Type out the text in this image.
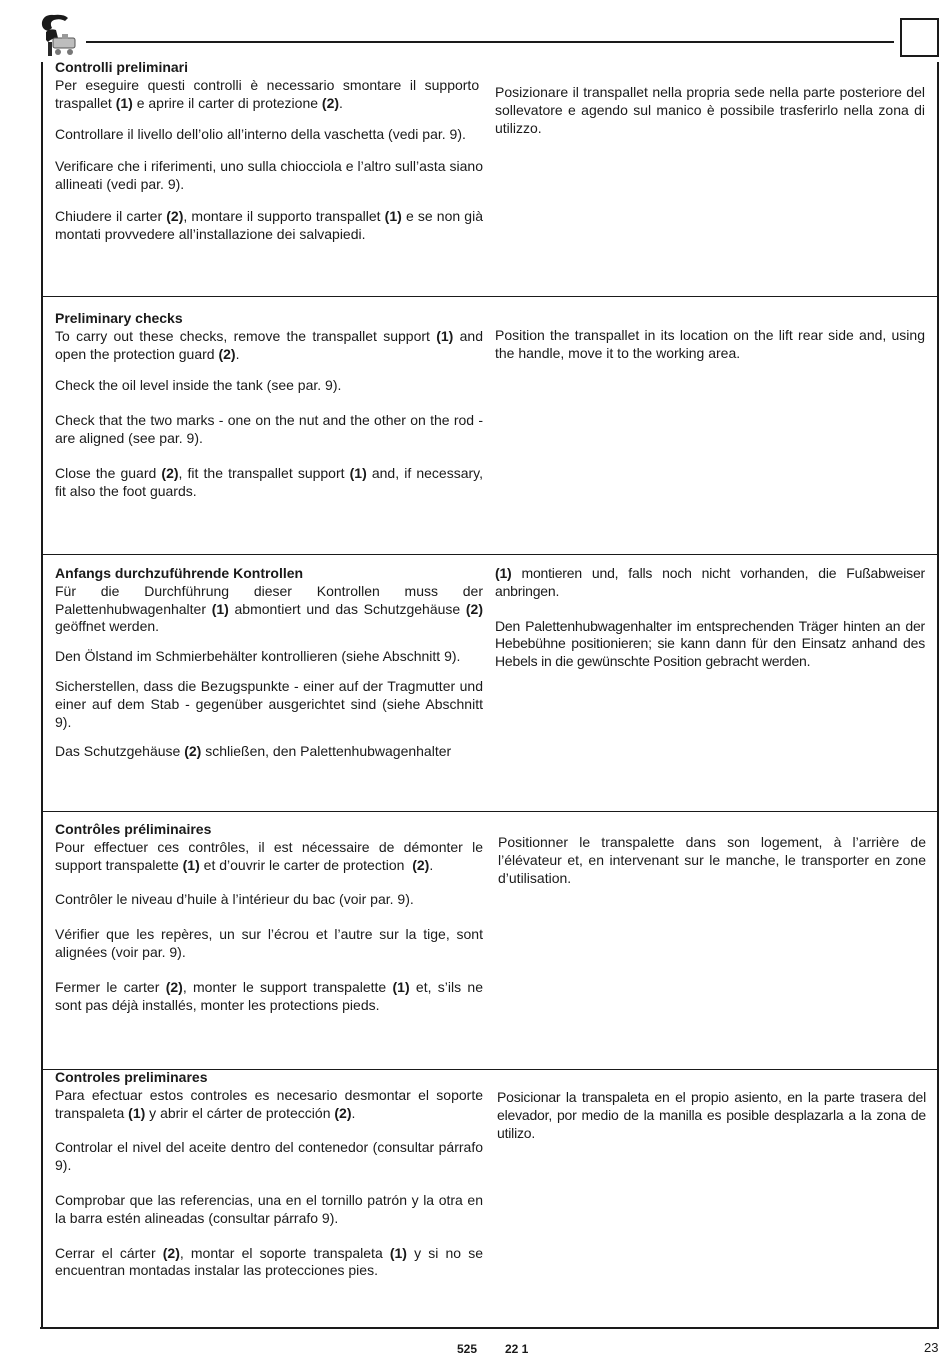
Controlli preliminari
Per eseguire questi controlli è necessario smontare il supporto  traspallet (1) e aprire il carter di protezione (2).
Controllare il livello dell’olio all’interno della vaschetta (vedi par. 9).
Verificare che i riferimenti, uno sulla chiocciola e l’altro sull’asta siano allineati (vedi par. 9).
Chiudere il carter (2), montare il supporto transpallet (1) e se non già montati provvedere all’installazione dei salvapiedi.
Posizionare il transpallet nella propria sede nella parte posteriore del sollevatore e agendo sul manico è possibile trasferirlo nella zona di utilizzo.
Preliminary checks
To carry out these checks, remove the transpallet support (1) and open the protection guard (2).
Check the oil level inside the tank (see par. 9).
Check that the two marks - one on the nut and the other on the rod - are aligned (see par. 9).
Close the guard (2), fit the transpallet support (1) and, if necessary, fit also the foot guards.
Position the transpallet in its location on the lift rear side and, using the handle, move it to the working area.
Anfangs durchzuführende Kontrollen
Für die Durchführung dieser Kontrollen muss der Palettenhubwagenhalter (1) abmontiert und das Schutzgehäuse (2) geöffnet werden.
Den Ölstand im Schmierbehälter kontrollieren (siehe Abschnitt 9).
Sicherstellen, dass die Bezugspunkte - einer auf der Tragmutter und einer auf dem Stab - gegenüber ausgerichtet sind (siehe Abschnitt 9).
Das Schutzgehäuse (2) schließen, den Palettenhubwagenhalter
(1) montieren und, falls noch nicht vorhanden, die Fußabweiser anbringen.
Den Palettenhubwagenhalter im entsprechenden Träger hinten an der Hebebühne positionieren; sie kann dann für den Einsatz anhand des Hebels in die gewünschte Position gebracht werden.
Contrôles préliminaires
Pour effectuer ces contrôles, il est nécessaire de démonter le support transpalette (1) et d’ouvrir le carter de protection  (2).
Contrôler le niveau d’huile à l’intérieur du bac (voir par. 9).
Vérifier que les repères, un sur l’écrou et l’autre sur la tige, sont alignées (voir par. 9).
Fermer le carter (2), monter le support transpalette (1) et, s’ils ne sont pas déjà installés, monter les protections pieds.
Positionner le transpalette dans son logement, à l’arrière de l’élévateur et, en intervenant sur le manche, le transporter en zone d’utilisation.
Controles preliminares
Para efectuar estos controles es necesario desmontar el soporte transpaleta (1) y abrir el cárter de protección (2).
Controlar el nivel del aceite dentro del contenedor (consultar párrafo 9).
Comprobar que las referencias, una en el tornillo patrón y la otra en la barra estén alineadas (consultar párrafo 9).
Cerrar el cárter (2), montar el soporte transpaleta (1) y si no se encuentran montadas instalar las protecciones pies.
Posicionar la transpaleta en el propio asiento, en la parte trasera del elevador, por medio de la manilla es posible desplazarla a la zona de utilizo.
525 22 1	23
